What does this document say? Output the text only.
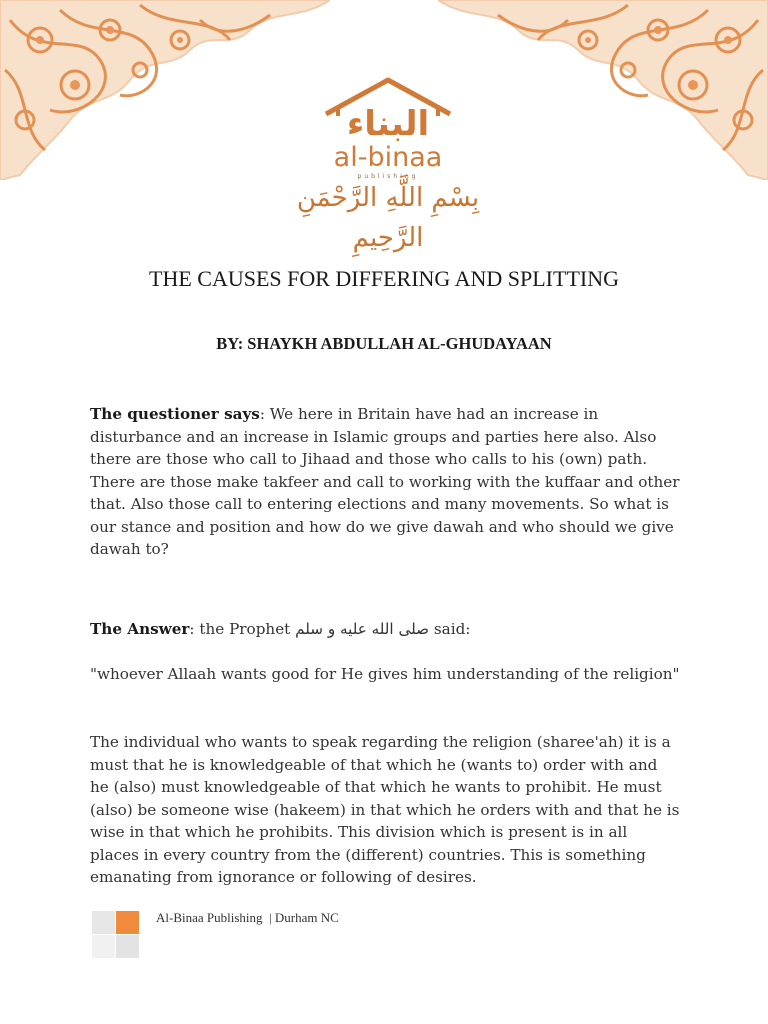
البناء
al-binaa
publishing
بِسْمِ اللَّهِ الرَّحْمَنِ الرَّحِيمِ
THE CAUSES FOR DIFFERING AND SPLITTING
BY: SHAYKH ABDULLAH AL-GHUDAYAAN

The questioner says: We here in Britain have had an increase in disturbance and an increase in Islamic groups and parties here also. Also there are those who call to Jihaad and those who calls to his (own) path. There are those make takfeer and call to working with the kuffaar and other that. Also those call to entering elections and many movements. So what is our stance and position and how do we give dawah and who should we give dawah to?

The Answer: the Prophet صلى الله عليه و سلم said:

"whoever Allaah wants good for He gives him understanding of the religion"

The individual who wants to speak regarding the religion (sharee'ah) it is a must that he is knowledgeable of that which he (wants to) order with and he (also) must knowledgeable of that which he wants to prohibit. He must (also) be someone wise (hakeem) in that which he orders with and that he is wise in that which he prohibits. This division which is present is in all places in every country from the (different) countries. This is something emanating from ignorance or following of desires.

Al-Binaa Publishing  | Durham NC
